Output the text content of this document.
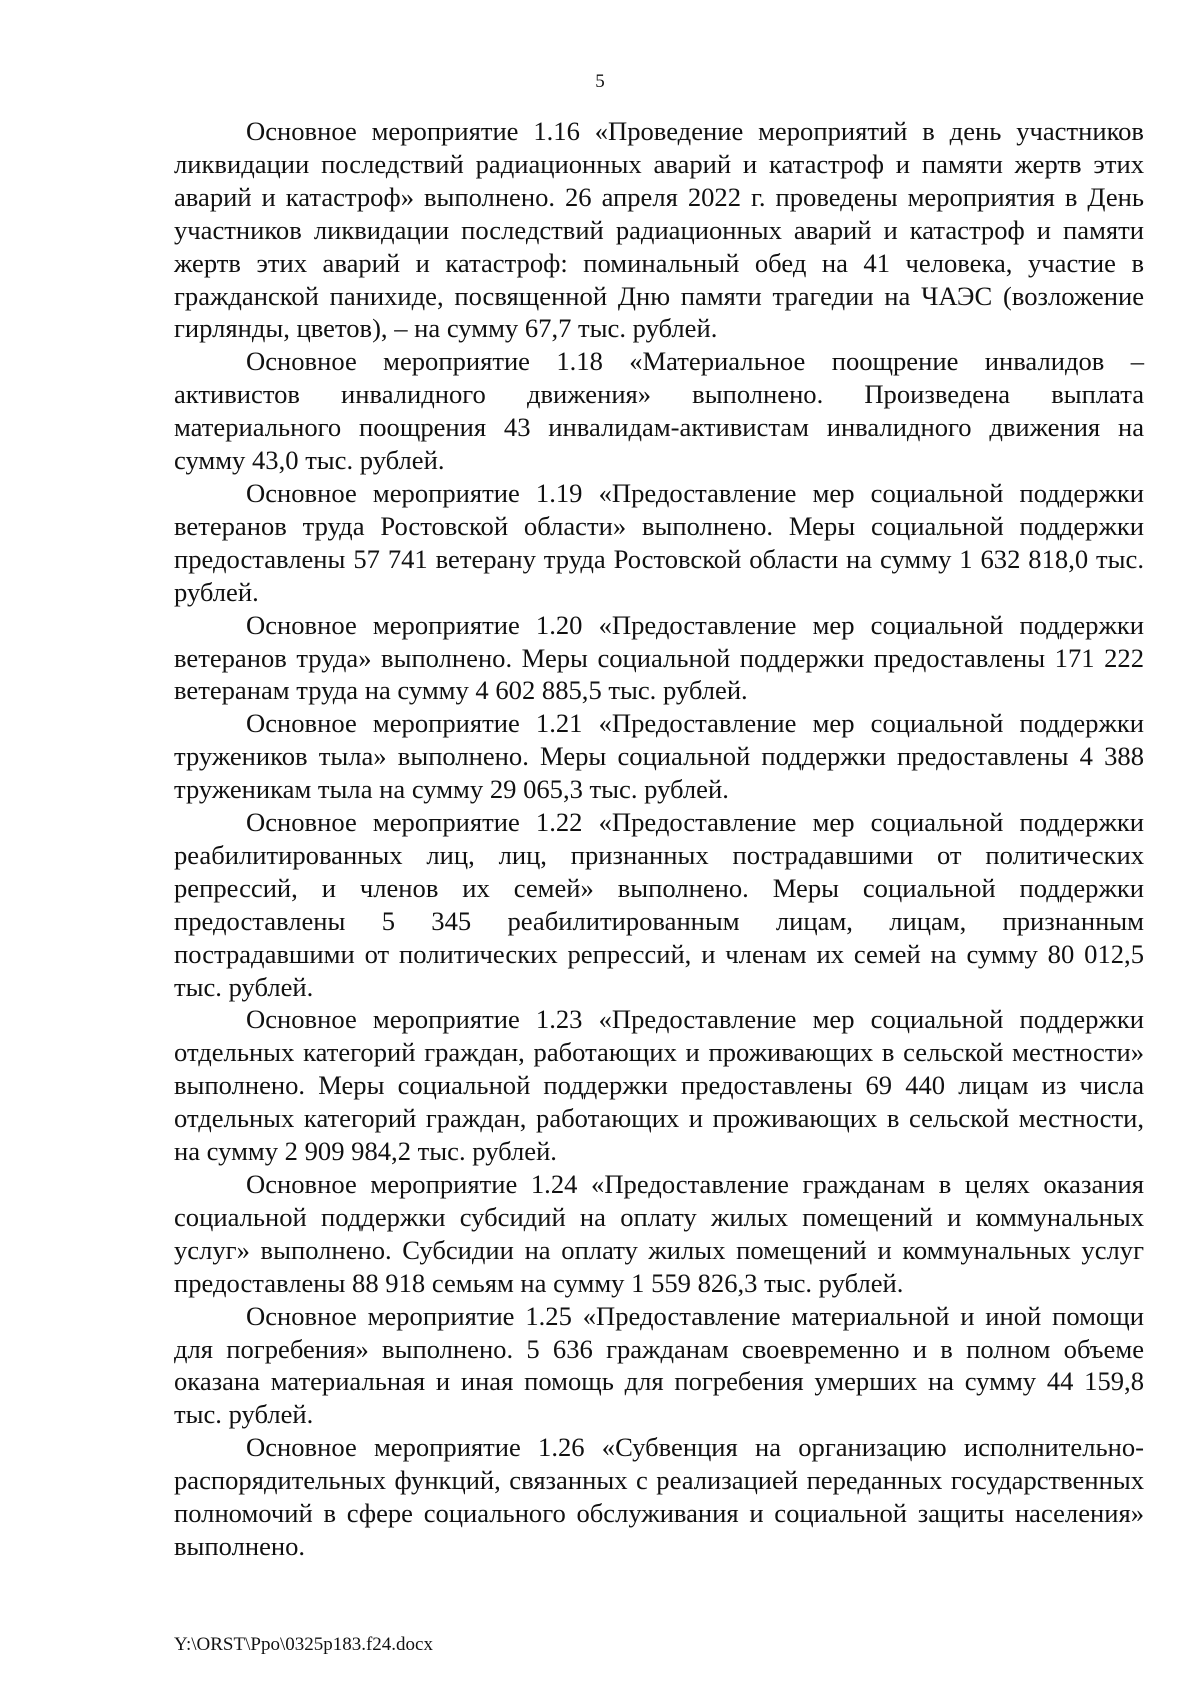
5

Основное мероприятие 1.16 «Проведение мероприятий в день участников ликвидации последствий радиационных аварий и катастроф и памяти жертв этих аварий и катастроф» выполнено. 26 апреля 2022 г. проведены мероприятия в День участников ликвидации последствий радиационных аварий и катастроф и памяти жертв этих аварий и катастроф: поминальный обед на 41 человека, участие в гражданской панихиде, посвященной Дню памяти трагедии на ЧАЭС (возложение гирлянды, цветов), – на сумму 67,7 тыс. рублей.

Основное мероприятие 1.18 «Материальное поощрение инвалидов – активистов инвалидного движения» выполнено. Произведена выплата материального поощрения 43 инвалидам-активистам инвалидного движения на сумму 43,0 тыс. рублей.

Основное мероприятие 1.19 «Предоставление мер социальной поддержки ветеранов труда Ростовской области» выполнено. Меры социальной поддержки предоставлены 57 741 ветерану труда Ростовской области на сумму 1 632 818,0 тыс. рублей.

Основное мероприятие 1.20 «Предоставление мер социальной поддержки ветеранов труда» выполнено. Меры социальной поддержки предоставлены 171 222 ветеранам труда на сумму 4 602 885,5 тыс. рублей.

Основное мероприятие 1.21 «Предоставление мер социальной поддержки тружеников тыла» выполнено. Меры социальной поддержки предоставлены 4 388 труженикам тыла на сумму 29 065,3 тыс. рублей.

Основное мероприятие 1.22 «Предоставление мер социальной поддержки реабилитированных лиц, лиц, признанных пострадавшими от политических репрессий, и членов их семей» выполнено. Меры социальной поддержки предоставлены 5 345 реабилитированным лицам, лицам, признанным пострадавшими от политических репрессий, и членам их семей на сумму 80 012,5 тыс. рублей.

Основное мероприятие 1.23 «Предоставление мер социальной поддержки отдельных категорий граждан, работающих и проживающих в сельской местности» выполнено. Меры социальной поддержки предоставлены 69 440 лицам из числа отдельных категорий граждан, работающих и проживающих в сельской местности, на сумму 2 909 984,2 тыс. рублей.

Основное мероприятие 1.24 «Предоставление гражданам в целях оказания социальной поддержки субсидий на оплату жилых помещений и коммунальных услуг» выполнено. Субсидии на оплату жилых помещений и коммунальных услуг предоставлены 88 918 семьям на сумму 1 559 826,3 тыс. рублей.

Основное мероприятие 1.25 «Предоставление материальной и иной помощи для погребения» выполнено. 5 636 гражданам своевременно и в полном объеме оказана материальная и иная помощь для погребения умерших на сумму 44 159,8 тыс. рублей.

Основное мероприятие 1.26 «Субвенция на организацию исполнительно-распорядительных функций, связанных с реализацией переданных государственных полномочий в сфере социального обслуживания и социальной защиты населения» выполнено.

Y:\ORST\Ppo\0325p183.f24.docx
